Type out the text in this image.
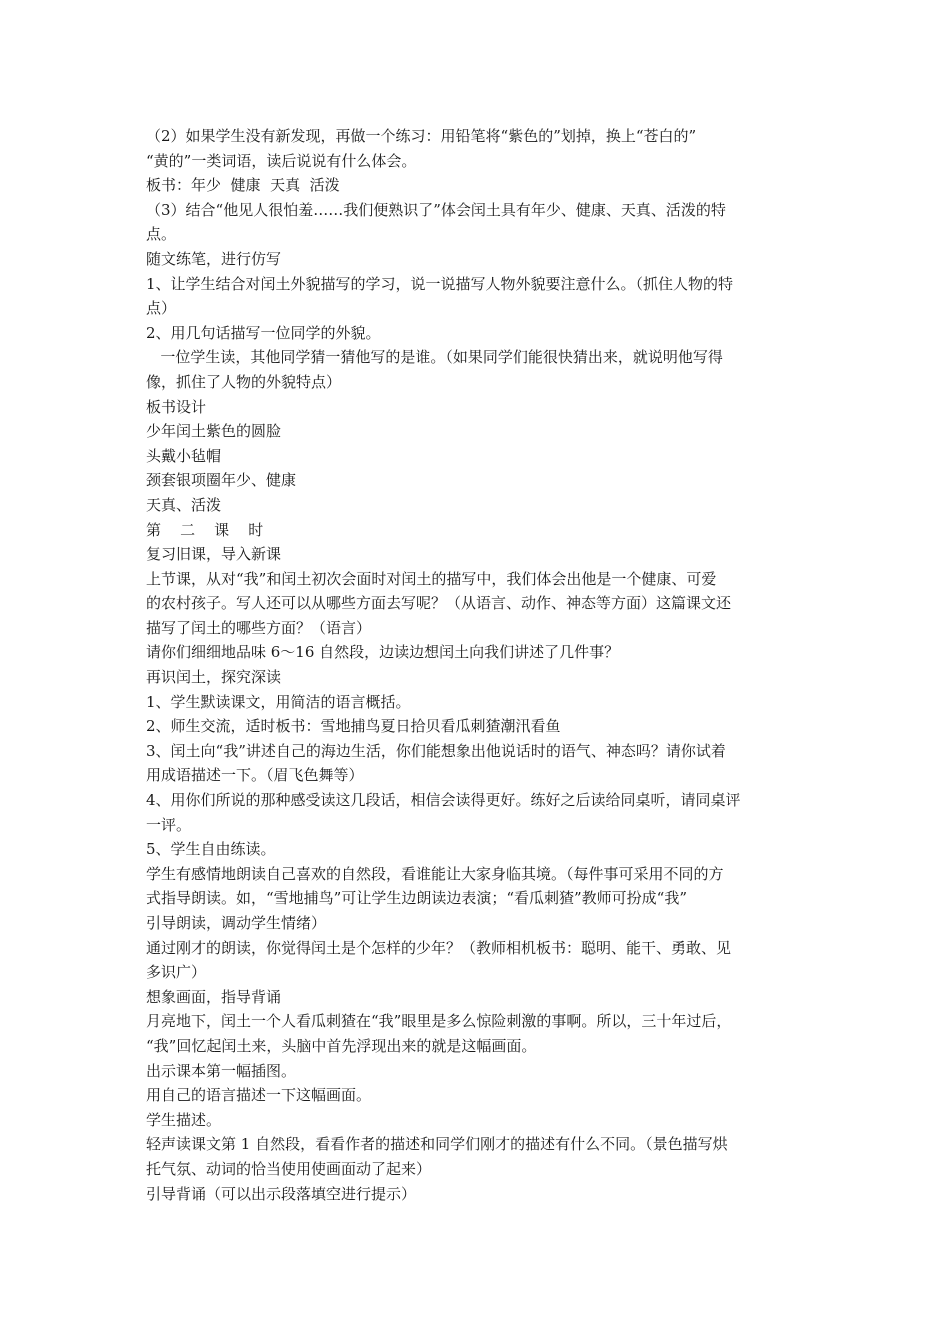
（2）如果学生没有新发现，再做一个练习：用铅笔将“紫色的”划掉，换上“苍白的”

“黄的”一类词语，读后说说有什么体会。

板书：年少  健康  天真  活泼

（3）结合“他见人很怕羞……我们便熟识了”体会闰土具有年少、健康、天真、活泼的特

点。

随文练笔，进行仿写

1、让学生结合对闰土外貌描写的学习，说一说描写人物外貌要注意什么。（抓住人物的特

点）

2、用几句话描写一位同学的外貌。

一位学生读，其他同学猜一猜他写的是谁。（如果同学们能很快猜出来，就说明他写得

像，抓住了人物的外貌特点）

板书设计

少年闰土紫色的圆脸

头戴小毡帽

颈套银项圈年少、健康

天真、活泼

第    二    课    时

复习旧课，导入新课

上节课，从对“我”和闰土初次会面时对闰土的描写中，我们体会出他是一个健康、可爱

的农村孩子。写人还可以从哪些方面去写呢？（从语言、动作、神态等方面）这篇课文还

描写了闰土的哪些方面？（语言）

请你们细细地品味 6～16 自然段，边读边想闰土向我们讲述了几件事？

再识闰土，探究深读

1、学生默读课文，用简洁的语言概括。

2、师生交流，适时板书：雪地捕鸟夏日拾贝看瓜刺猹潮汛看鱼

3、闰土向“我”讲述自己的海边生活，你们能想象出他说话时的语气、神态吗？请你试着

用成语描述一下。（眉飞色舞等）

4、用你们所说的那种感受读这几段话，相信会读得更好。练好之后读给同桌听，请同桌评

一评。

5、学生自由练读。

学生有感情地朗读自己喜欢的自然段，看谁能让大家身临其境。（每件事可采用不同的方

式指导朗读。如，“雪地捕鸟”可让学生边朗读边表演；“看瓜刺猹”教师可扮成“我”

引导朗读，调动学生情绪）

通过刚才的朗读，你觉得闰土是个怎样的少年？（教师相机板书：聪明、能干、勇敢、见

多识广）

想象画面，指导背诵

月亮地下，闰土一个人看瓜刺猹在“我”眼里是多么惊险刺激的事啊。所以，三十年过后，

“我”回忆起闰土来，头脑中首先浮现出来的就是这幅画面。

出示课本第一幅插图。

用自己的语言描述一下这幅画面。

学生描述。

轻声读课文第 1 自然段，看看作者的描述和同学们刚才的描述有什么不同。（景色描写烘

托气氛、动词的恰当使用使画面动了起来）

引导背诵（可以出示段落填空进行提示）
